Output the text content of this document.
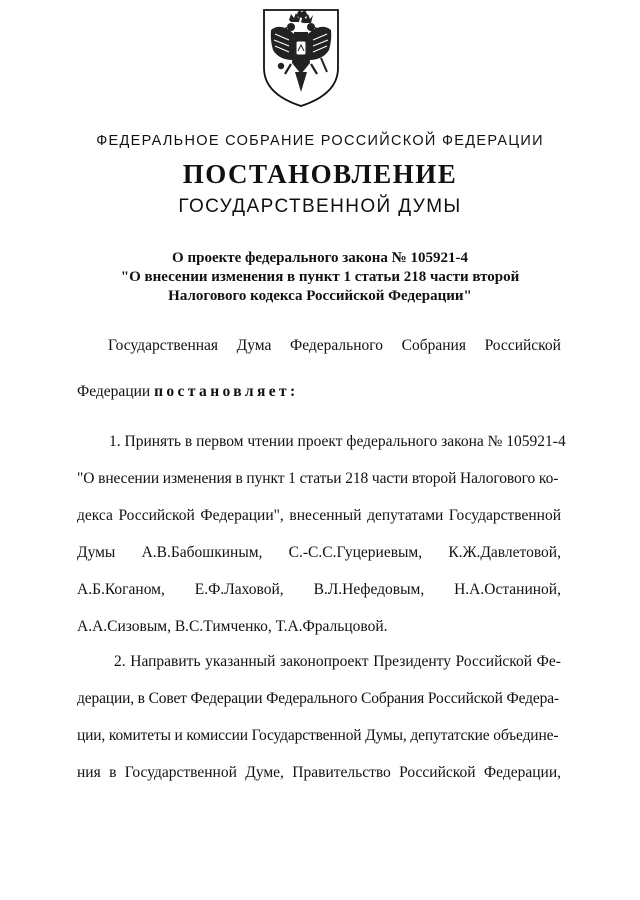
ФЕДЕРАЛЬНОЕ СОБРАНИЕ РОССИЙСКОЙ ФЕДЕРАЦИИ
ПОСТАНОВЛЕНИЕ
ГОСУДАРСТВЕННОЙ ДУМЫ
О проекте федерального закона № 105921-4
"О внесении изменения в пункт 1 статьи 218 части второй
Налогового кодекса Российской Федерации"
Государственная Дума Федерального Собрания Российской
Федерации постановляет:
1. Принять в первом чтении проект федерального закона № 105921-4
"О внесении изменения в пункт 1 статьи 218 части второй Налогового ко-
декса Российской Федерации", внесенный депутатами Государственной
Думы А.В.Бабошкиным, С.-С.С.Гуцериевым, К.Ж.Давлетовой,
А.Б.Коганом, Е.Ф.Лаховой, В.Л.Нефедовым, Н.А.Останиной,
А.А.Сизовым, В.С.Тимченко, Т.А.Фральцовой.
2. Направить указанный законопроект Президенту Российской Фе-
дерации, в Совет Федерации Федерального Собрания Российской Федера-
ции, комитеты и комиссии Государственной Думы, депутатские объедине-
ния в Государственной Думе, Правительство Российской Федерации,
